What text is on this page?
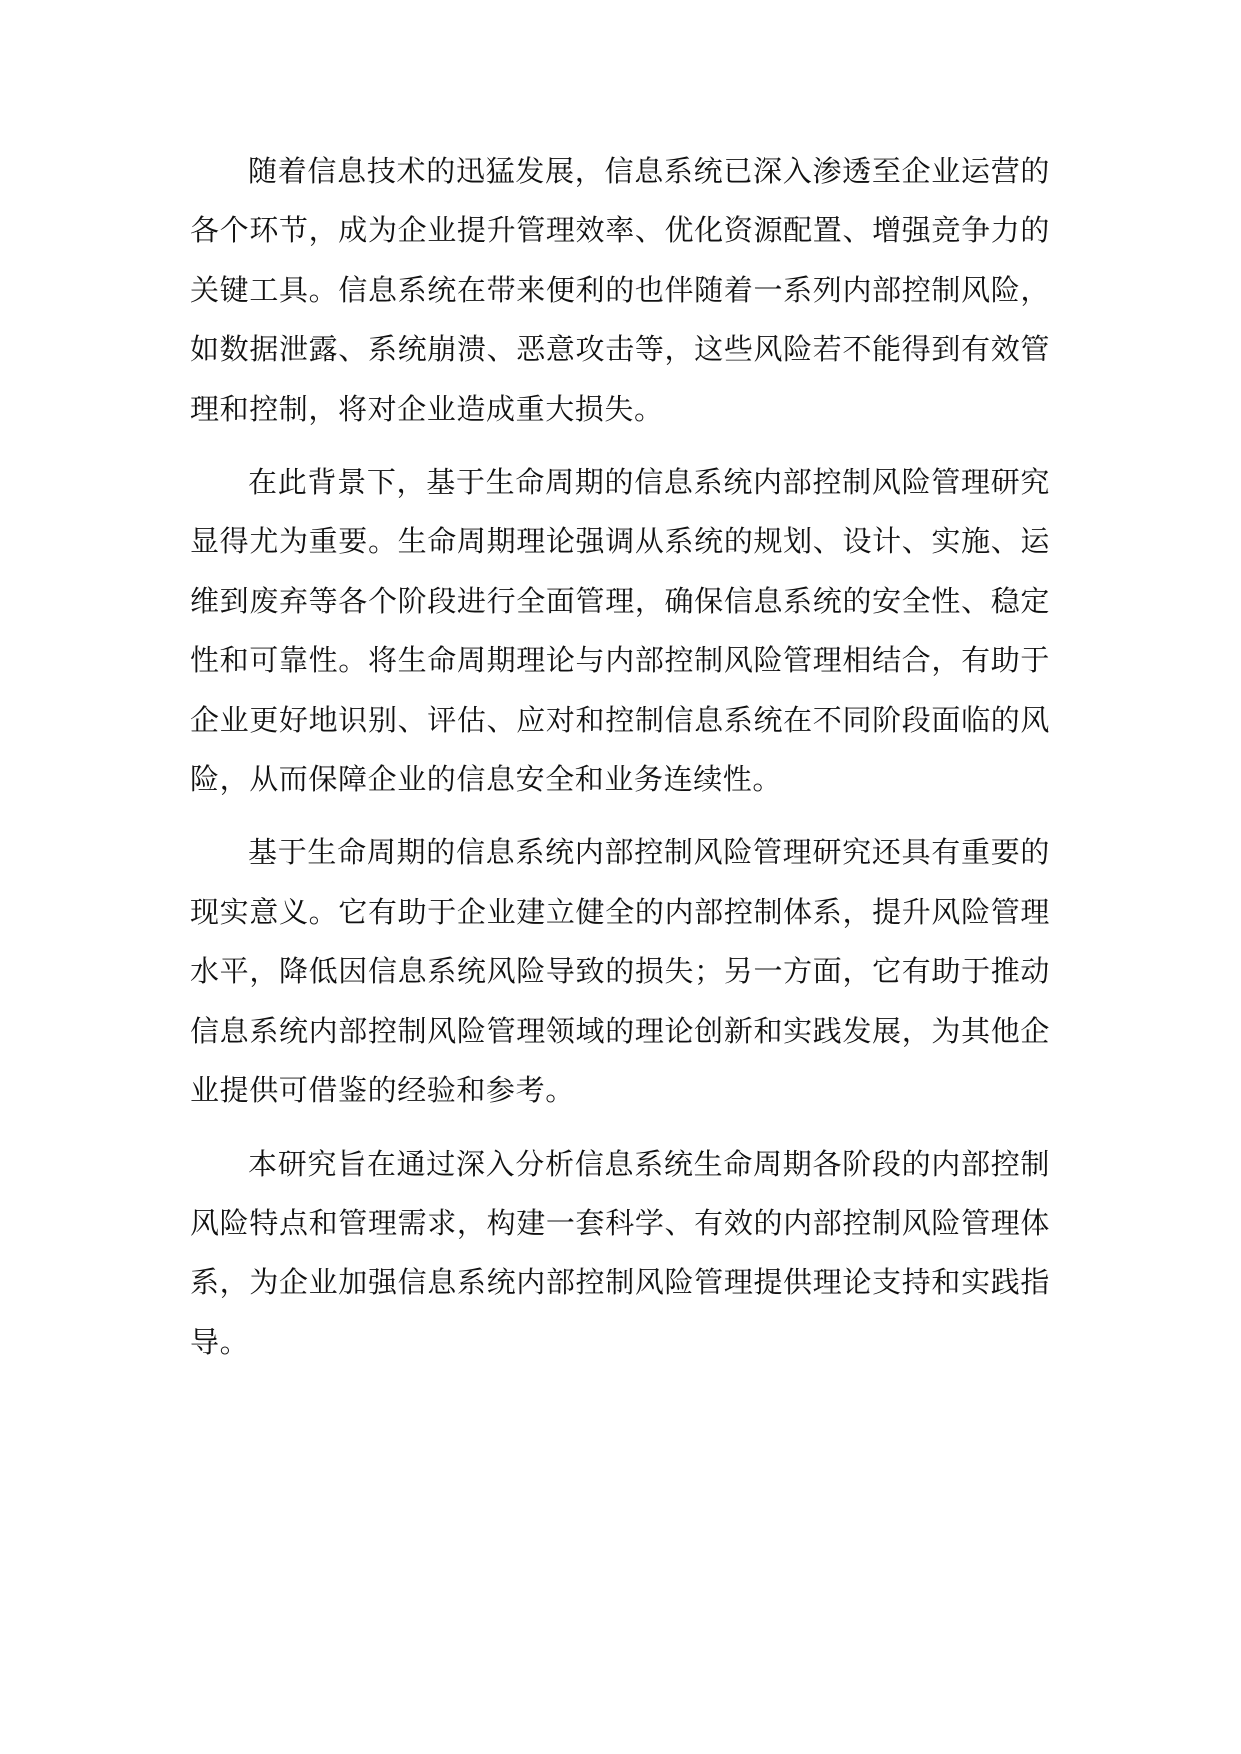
随着信息技术的迅猛发展，信息系统已深入渗透至企业运营的各个环节，成为企业提升管理效率、优化资源配置、增强竞争力的关键工具。信息系统在带来便利的也伴随着一系列内部控制风险，如数据泄露、系统崩溃、恶意攻击等，这些风险若不能得到有效管理和控制，将对企业造成重大损失。

在此背景下，基于生命周期的信息系统内部控制风险管理研究显得尤为重要。生命周期理论强调从系统的规划、设计、实施、运维到废弃等各个阶段进行全面管理，确保信息系统的安全性、稳定性和可靠性。将生命周期理论与内部控制风险管理相结合，有助于企业更好地识别、评估、应对和控制信息系统在不同阶段面临的风险，从而保障企业的信息安全和业务连续性。

基于生命周期的信息系统内部控制风险管理研究还具有重要的现实意义。它有助于企业建立健全的内部控制体系，提升风险管理水平，降低因信息系统风险导致的损失；另一方面，它有助于推动信息系统内部控制风险管理领域的理论创新和实践发展，为其他企业提供可借鉴的经验和参考。

本研究旨在通过深入分析信息系统生命周期各阶段的内部控制风险特点和管理需求，构建一套科学、有效的内部控制风险管理体系，为企业加强信息系统内部控制风险管理提供理论支持和实践指导。
